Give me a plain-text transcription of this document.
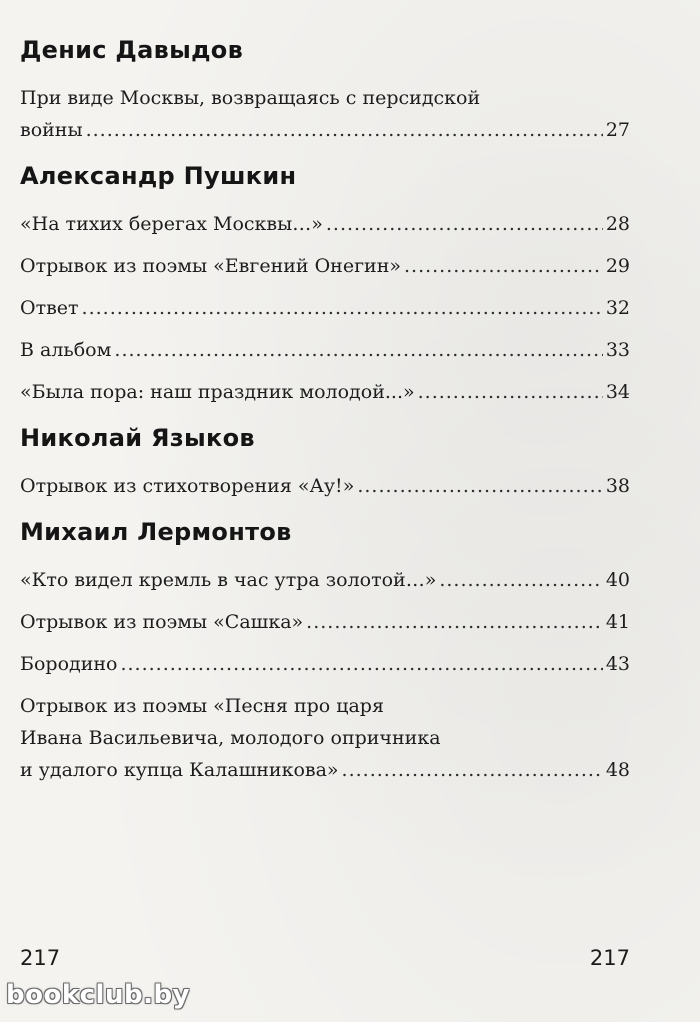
Денис Давыдов
При виде Москвы, возвращаясь с персидской
войны .....	27
Александр Пушкин
«На тихих берегах Москвы…» .....	28
Отрывок из поэмы «Евгений Онегин» .....	29
Ответ .....	32
В альбом .....	33
«Была пора: наш праздник молодой...» .....	34
Николай Языков
Отрывок из стихотворения «Ау!» .....	38
Михаил Лермонтов
«Кто видел кремль в час утра золотой…» .....	40
Отрывок из поэмы «Сашка» .....	41
Бородино .....	43
Отрывок из поэмы «Песня про царя
Ивана Васильевича, молодого опричника
и удалого купца Калашникова» .....	48
217	217
bookclub.by
